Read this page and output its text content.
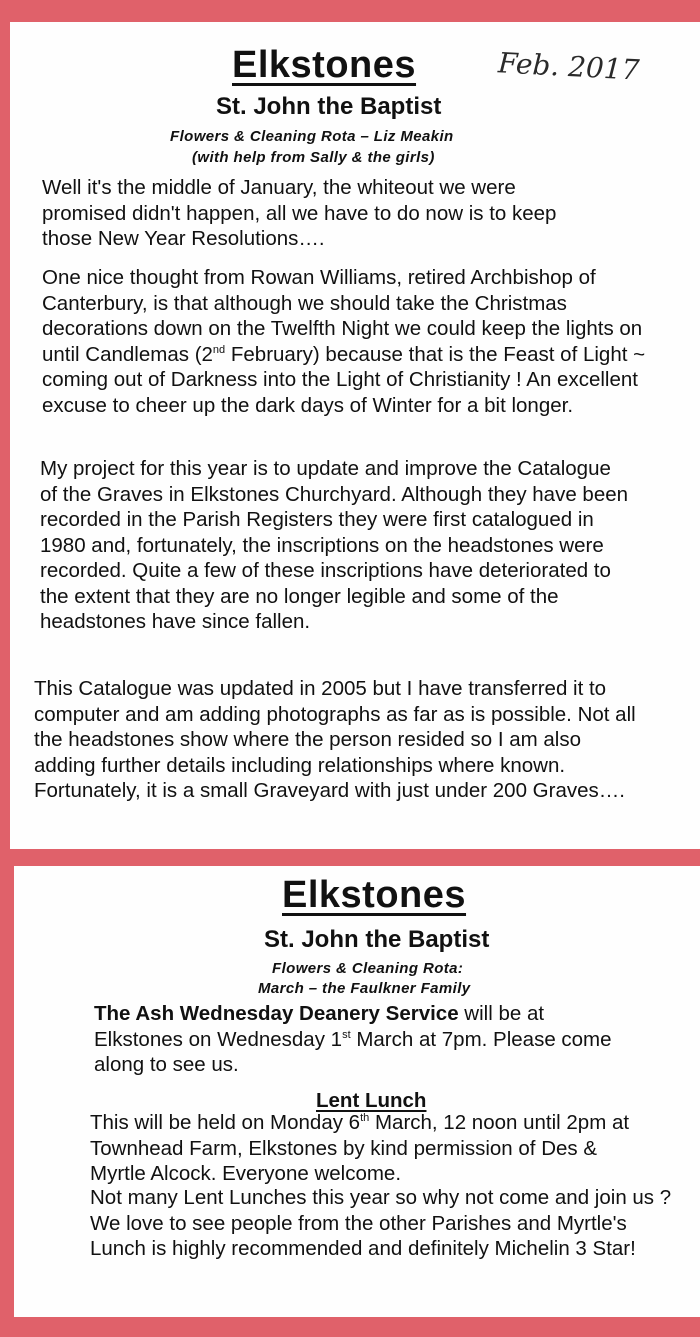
Elkstones	Feb. 2017
St. John the Baptist
Flowers & Cleaning Rota – Liz Meakin
(with help from Sally & the girls)

Well it's the middle of January, the whiteout we were promised didn't happen, all we have to do now is to keep those New Year Resolutions….

One nice thought from Rowan Williams, retired Archbishop of Canterbury, is that although we should take the Christmas decorations down on the Twelfth Night we could keep the lights on until Candlemas (2nd February) because that is the Feast of Light ~ coming out of Darkness into the Light of Christianity ! An excellent excuse to cheer up the dark days of Winter for a bit longer.

My project for this year is to update and improve the Catalogue of the Graves in Elkstones Churchyard. Although they have been recorded in the Parish Registers they were first catalogued in 1980 and, fortunately, the inscriptions on the headstones were recorded. Quite a few of these inscriptions have deteriorated to the extent that they are no longer legible and some of the headstones have since fallen.

This Catalogue was updated in 2005 but I have transferred it to computer and am adding photographs as far as is possible. Not all the headstones show where the person resided so I am also adding further details including relationships where known. Fortunately, it is a small Graveyard with just under 200 Graves….

Elkstones
St. John the Baptist
Flowers & Cleaning Rota:
March – the Faulkner Family

The Ash Wednesday Deanery Service will be at Elkstones on Wednesday 1st March at 7pm. Please come along to see us.

Lent Lunch

This will be held on Monday 6th March, 12 noon until 2pm at Townhead Farm, Elkstones by kind permission of Des & Myrtle Alcock. Everyone welcome.

Not many Lent Lunches this year so why not come and join us ? We love to see people from the other Parishes and Myrtle's Lunch is highly recommended and definitely Michelin 3 Star!
